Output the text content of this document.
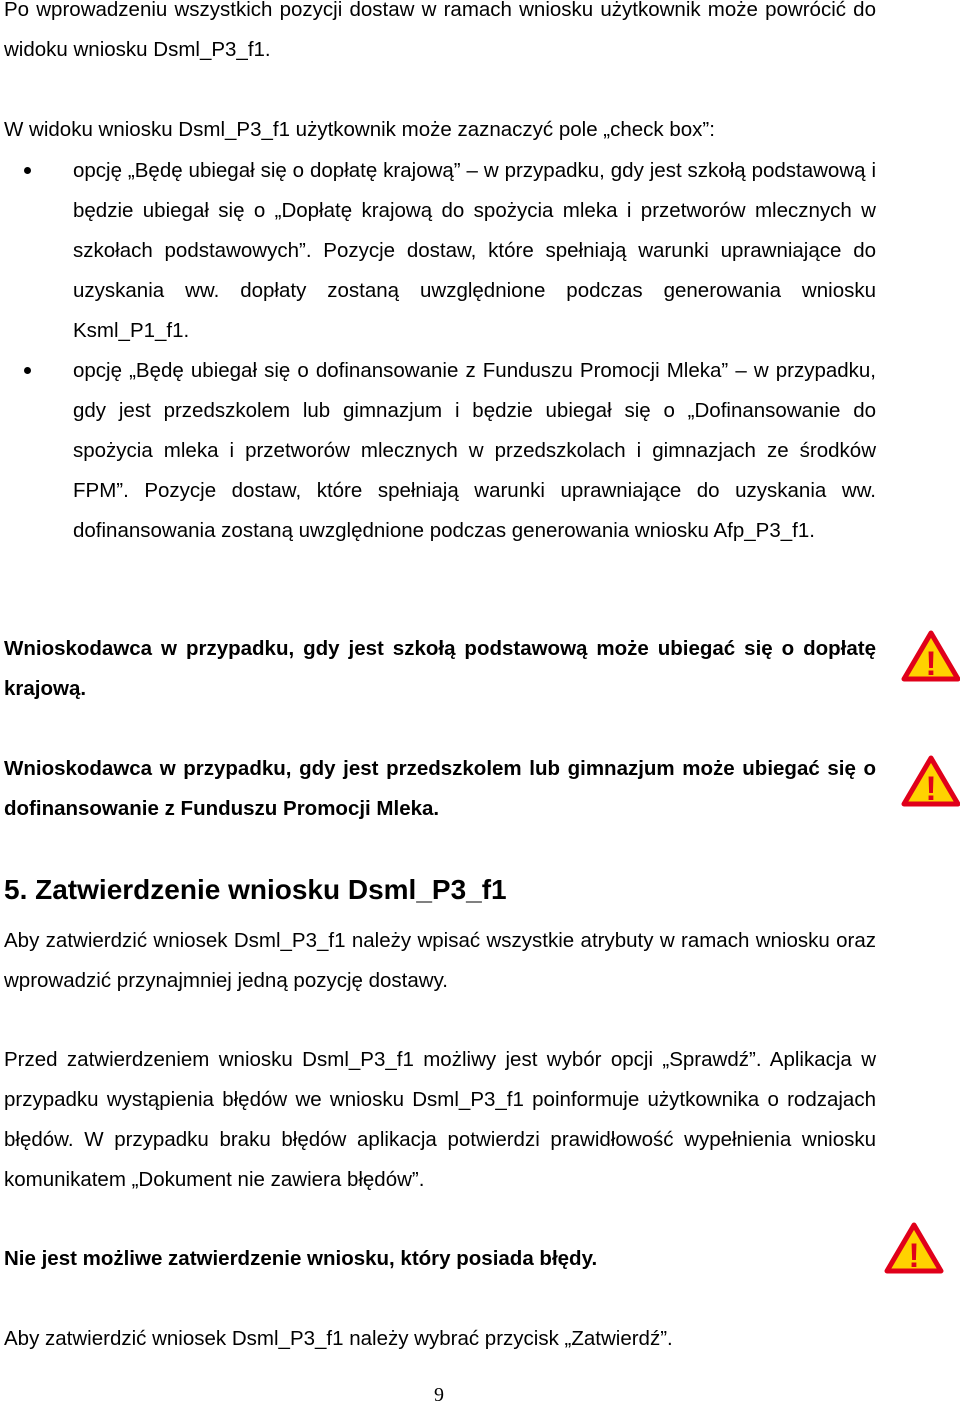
Po wprowadzeniu wszystkich pozycji dostaw w ramach wniosku użytkownik może powrócić do widoku wniosku Dsml_P3_f1.

W widoku wniosku Dsml_P3_f1 użytkownik może zaznaczyć pole „check box”:

opcję „Będę ubiegał się o dopłatę krajową” – w przypadku, gdy jest szkołą podstawową i będzie ubiegał się o „Dopłatę krajową do spożycia mleka i przetworów mlecznych w szkołach podstawowych”. Pozycje dostaw, które spełniają warunki uprawniające do uzyskania ww. dopłaty zostaną uwzględnione podczas generowania wniosku Ksml_P1_f1.
opcję „Będę ubiegał się o dofinansowanie z Funduszu Promocji Mleka” – w przypadku, gdy jest przedszkolem lub gimnazjum i będzie ubiegał się o „Dofinansowanie do spożycia mleka i przetworów mlecznych w przedszkolach i gimnazjach ze środków FPM”. Pozycje dostaw, które spełniają warunki uprawniające do uzyskania ww. dofinansowania zostaną uwzględnione podczas generowania wniosku Afp_P3_f1.

Wnioskodawca w przypadku, gdy jest szkołą podstawową może ubiegać się o dopłatę krajową.

!

Wnioskodawca w przypadku, gdy jest przedszkolem lub gimnazjum może ubiegać się o dofinansowanie z Funduszu Promocji Mleka.

!
5. Zatwierdzenie wniosku Dsml_P3_f1

Aby zatwierdzić wniosek Dsml_P3_f1 należy wpisać wszystkie atrybuty w ramach wniosku oraz wprowadzić przynajmniej jedną pozycję dostawy.

Przed zatwierdzeniem wniosku Dsml_P3_f1 możliwy jest wybór opcji „Sprawdź”. Aplikacja w przypadku wystąpienia błędów we wniosku Dsml_P3_f1 poinformuje użytkownika o rodzajach błędów. W przypadku braku błędów aplikacja potwierdzi prawidłowość wypełnienia wniosku komunikatem „Dokument nie zawiera błędów”.

Nie jest możliwe zatwierdzenie wniosku, który posiada błędy.	!

Aby zatwierdzić wniosek Dsml_P3_f1 należy wybrać przycisk „Zatwierdź”.

9
